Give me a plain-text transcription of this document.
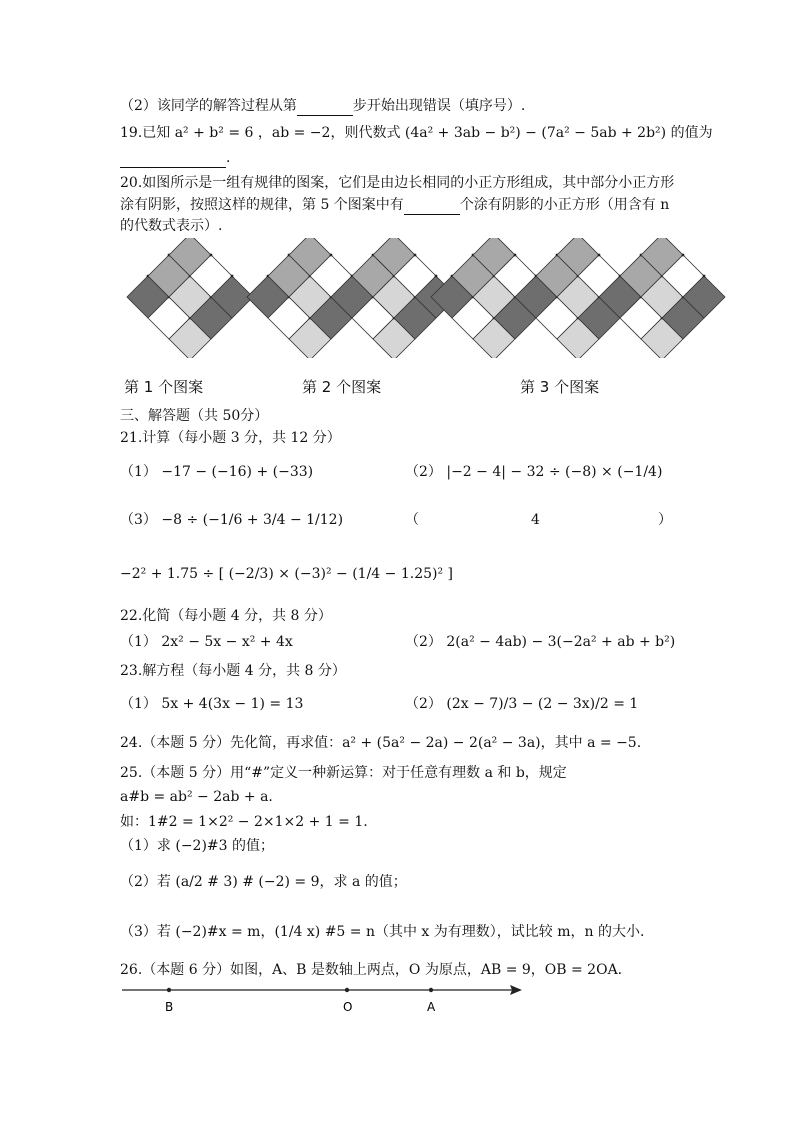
（2）该同学的解答过程从第	步开始出现错误（填序号）.
19.已知 a² + b² = 6 ，ab = −2，则代数式 (4a² + 3ab − b²) − (7a² − 5ab + 2b²) 的值为
.
20.如图所示是一组有规律的图案，它们是由边长相同的小正方形组成，其中部分小正方形
涂有阴影，按照这样的规律，第 5 个图案中有	个涂有阴影的小正方形（用含有 n
的代数式表示）.
第 1 个图案	第 2 个图案	第 3 个图案
三、解答题（共 50分）
21.计算（每小题 3 分，共 12 分）
（1） −17 − (−16) + (−33)	（2） |−2 − 4| − 32 ÷ (−8) × (−1/4)
（3） −8 ÷ (−1/6 + 3/4 − 1/12)	（	4	）
−2² + 1.75 ÷ [ (−2/3) × (−3)² − (1/4 − 1.25)² ]
22.化简（每小题 4 分，共 8 分）
（1） 2x² − 5x − x² + 4x	（2） 2(a² − 4ab) − 3(−2a² + ab + b²)
23.解方程（每小题 4 分，共 8 分）
（1） 5x + 4(3x − 1) = 13	（2） (2x − 7)/3 − (2 − 3x)/2 = 1
24.（本题 5 分）先化简，再求值：a² + (5a² − 2a) − 2(a² − 3a)，其中 a = −5.
25.（本题 5 分）用“#”定义一种新运算：对于任意有理数 a 和 b，规定
a#b = ab² − 2ab + a.
如：1#2 = 1×2² − 2×1×2 + 1 = 1.
（1）求 (−2)#3 的值；
（2）若 (a/2 # 3) # (−2) = 9，求 a 的值；
（3）若 (−2)#x = m，(1/4 x) #5 = n（其中 x 为有理数），试比较 m，n 的大小.
26.（本题 6 分）如图，A、B 是数轴上两点，O 为原点，AB = 9，OB = 2OA.
B	O	A
